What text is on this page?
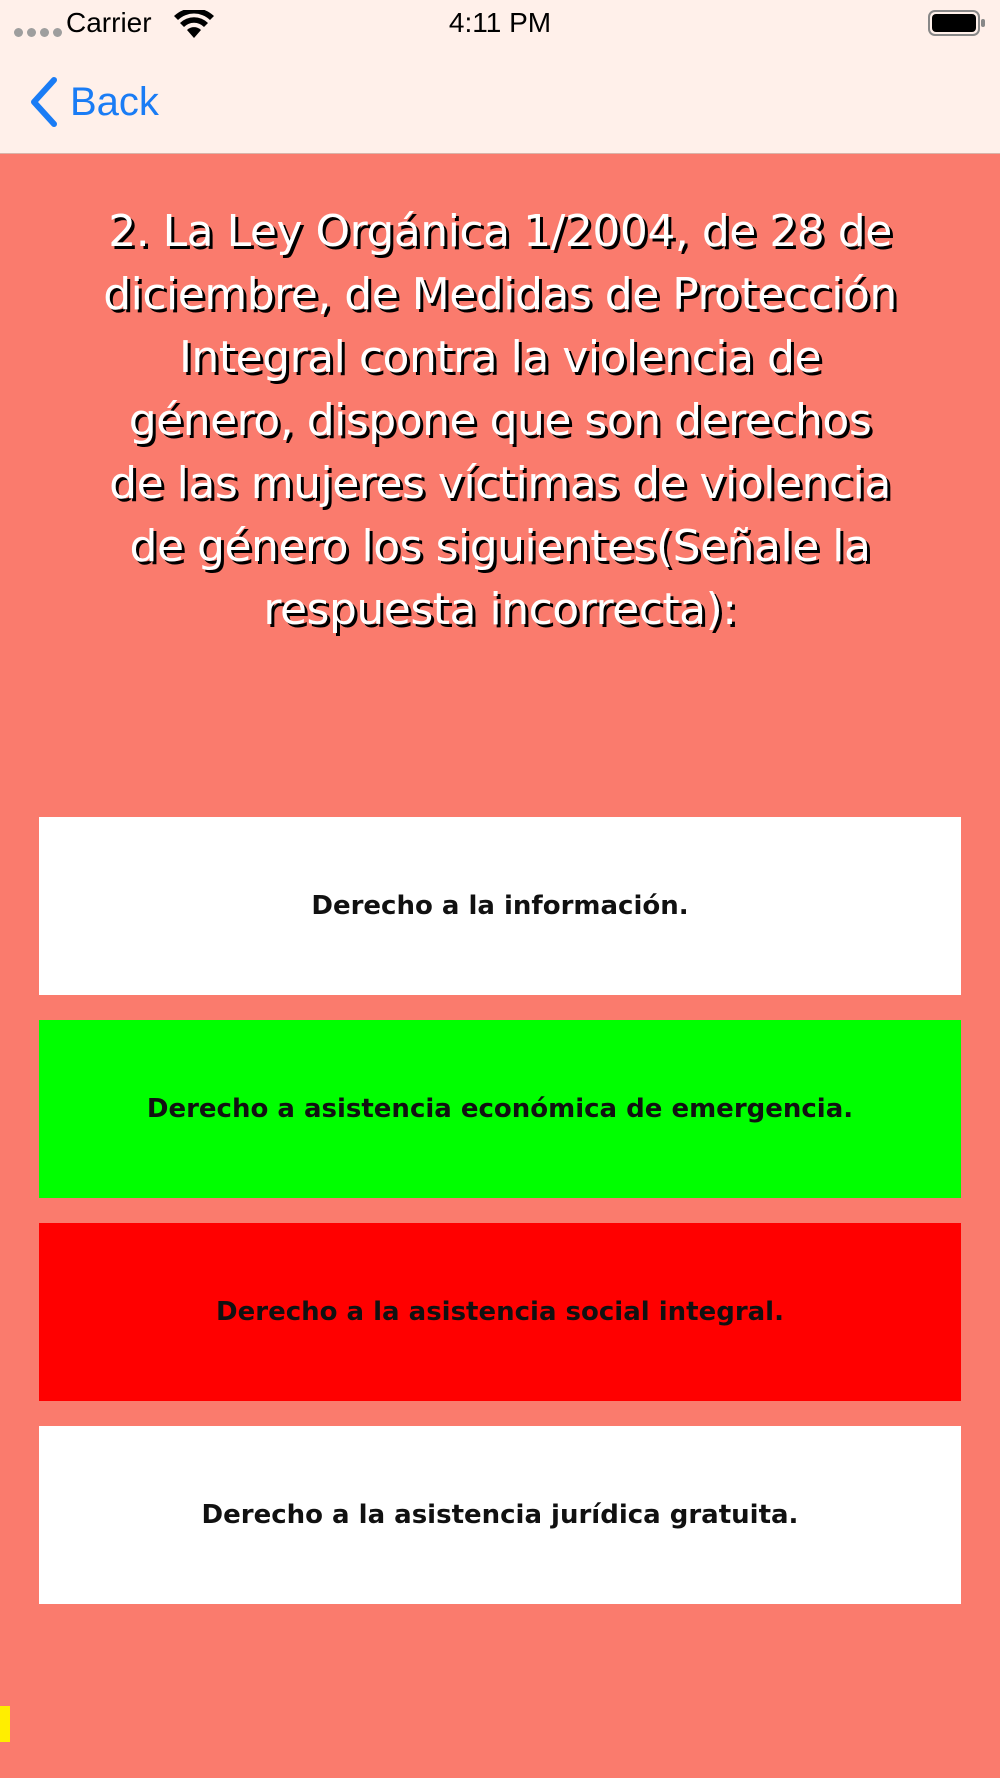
Carrier	4:11 PM
Back
2. La Ley Orgánica 1/2004, de 28 de diciembre, de Medidas de Protección Integral contra la violencia de género, dispone que son derechos de las mujeres víctimas de violencia de género los siguientes(Señale la respuesta incorrecta):
Derecho a la información.
Derecho a asistencia económica de emergencia.
Derecho a la asistencia social integral.
Derecho a la asistencia jurídica gratuita.
